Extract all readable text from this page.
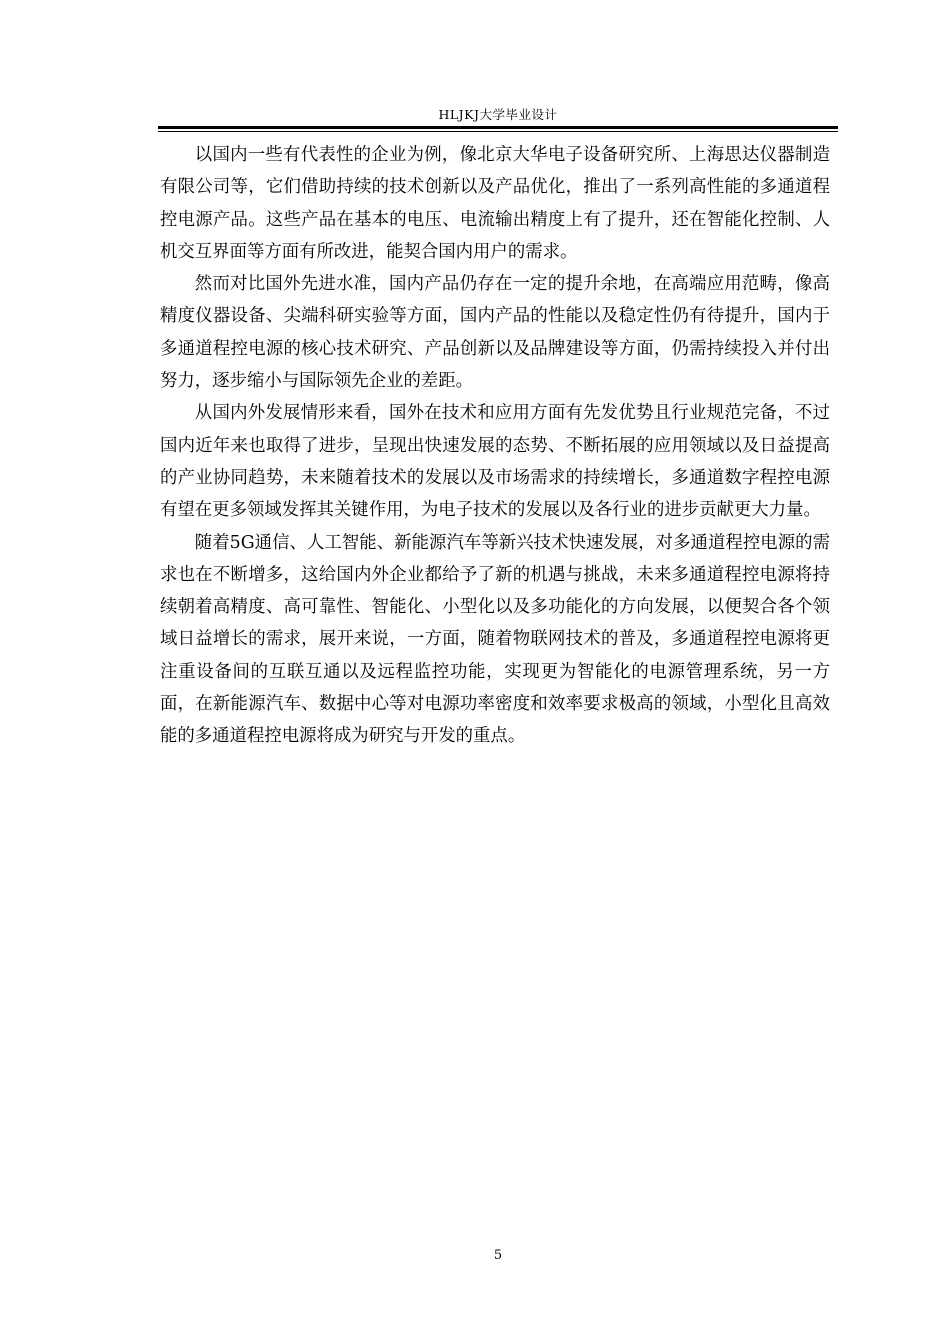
HLJKJ大学毕业设计

以国内一些有代表性的企业为例，像北京大华电子设备研究所、上海思达仪器制造有限公司等，它们借助持续的技术创新以及产品优化，推出了一系列高性能的多通道程控电源产品。这些产品在基本的电压、电流输出精度上有了提升，还在智能化控制、人机交互界面等方面有所改进，能契合国内用户的需求。

然而对比国外先进水准，国内产品仍存在一定的提升余地，在高端应用范畴，像高精度仪器设备、尖端科研实验等方面，国内产品的性能以及稳定性仍有待提升，国内于多通道程控电源的核心技术研究、产品创新以及品牌建设等方面，仍需持续投入并付出努力，逐步缩小与国际领先企业的差距。

从国内外发展情形来看，国外在技术和应用方面有先发优势且行业规范完备，不过国内近年来也取得了进步，呈现出快速发展的态势、不断拓展的应用领域以及日益提高的产业协同趋势，未来随着技术的发展以及市场需求的持续增长，多通道数字程控电源有望在更多领域发挥其关键作用，为电子技术的发展以及各行业的进步贡献更大力量。

随着5G通信、人工智能、新能源汽车等新兴技术快速发展，对多通道程控电源的需求也在不断增多，这给国内外企业都给予了新的机遇与挑战，未来多通道程控电源将持续朝着高精度、高可靠性、智能化、小型化以及多功能化的方向发展，以便契合各个领域日益增长的需求，展开来说，一方面，随着物联网技术的普及，多通道程控电源将更注重设备间的互联互通以及远程监控功能，实现更为智能化的电源管理系统，另一方面，在新能源汽车、数据中心等对电源功率密度和效率要求极高的领域，小型化且高效能的多通道程控电源将成为研究与开发的重点。

5
